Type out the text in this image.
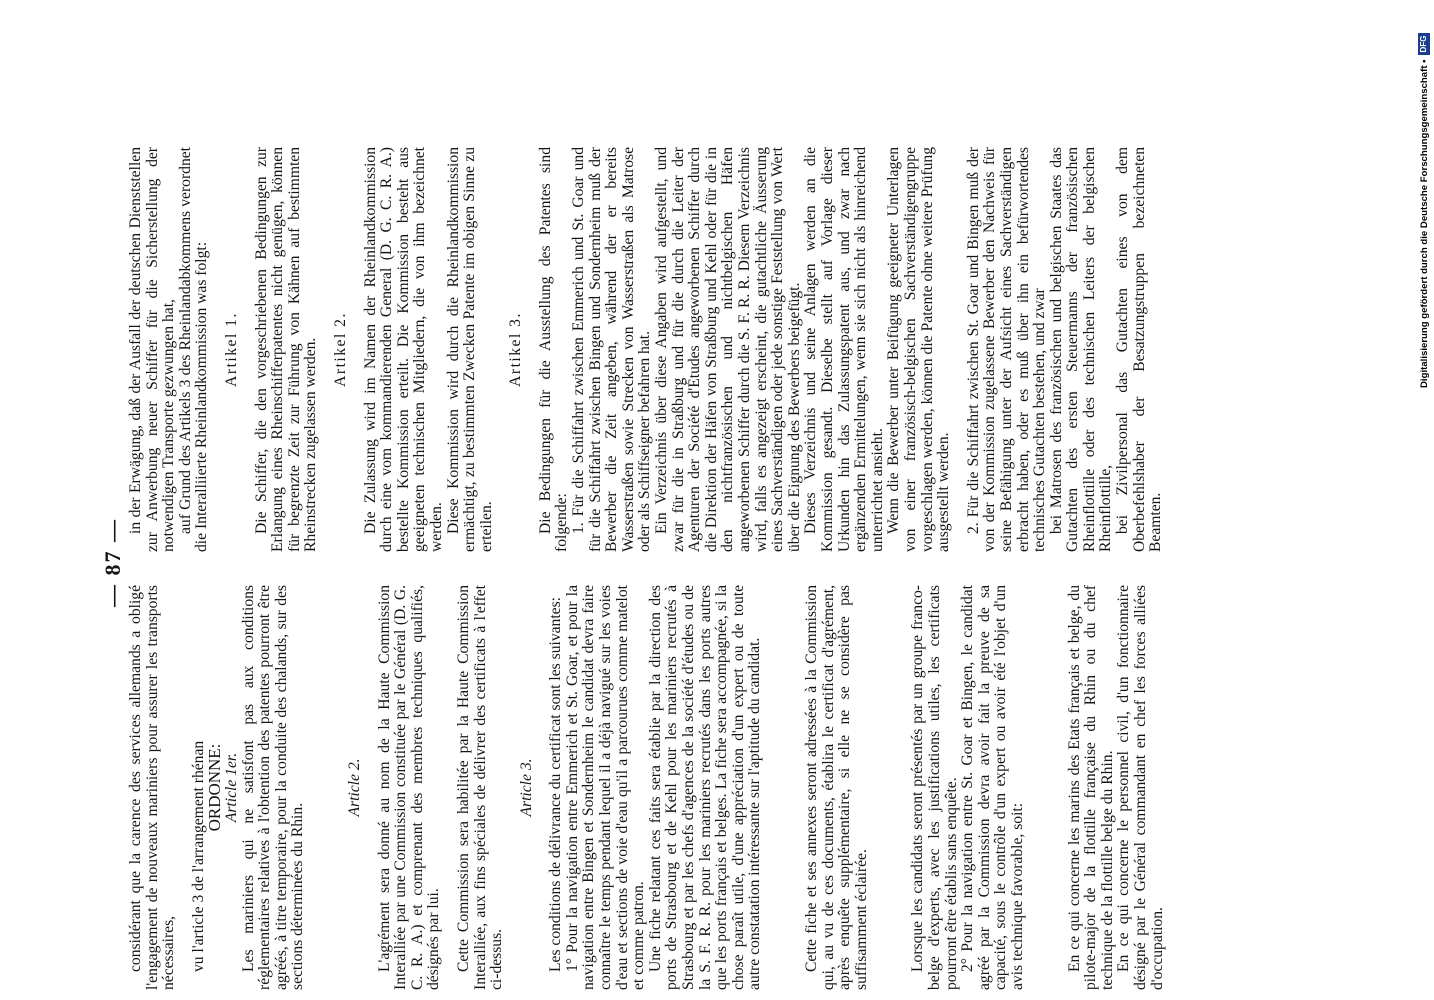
— 87 —

considérant que la carence des services allemands a obligé l'engagement de nouveaux mariniers pour assurer les transports nécessaires, vu l'article 3 de l'arrangement rhénan

ORDONNE:

Article 1er. Les mariniers qui ne satisfont pas aux conditions réglementaires relatives à l'obtention des patentes pourront être agréés, à titre temporaire, pour la conduite des chalands, sur des sections déterminées du Rhin.

Article 2. L'agrément sera donné au nom de la Haute Commission Interalliée par une Commission constituée par le Général (D. G. C. R. A.) et comprenant des membres techniques qualifiés, désignés par lui. Cette Commission sera habilitée par la Haute Commission Interalliée, aux fins spéciales de délivrer des certificats à l'effet ci-dessus.

Article 3. Les conditions de délivrance du certificat sont les suivantes: 1° Pour la navigation entre Emmerich et St. Goar, et pour la navigation entre Bingen et Sondernheim le candidat devra faire connaître le temps pendant lequel il a déjà navigué sur les voies d'eau et sections de voie d'eau qu'il a parcourues comme matelot et comme patron. Une fiche relatant ces faits sera établie par la direction des ports de Strasbourg et de Kehl pour les mariniers recrutés à Strasbourg et par les chefs d'agences de la société d'études ou de la S. F. R. R. pour les mariniers recrutés dans les ports autres que les ports français et belges. La fiche sera accompagnée, si la chose paraît utile, d'une appréciation d'un expert ou de toute autre constatation intéressante sur l'aptitude du candidat.	Cette fiche et ses annexes seront adressées à la Commission qui, au vu de ces documents, établira le certificat d'agrément, après enquête supplémentaire, si elle ne se considère pas suffisamment éclairée.	Lorsque les candidats seront présentés par un groupe franco-belge d'experts, avec les justifications utiles, les certificats pourront être établis sans enquête. 2° Pour la navigation entre St. Goar et Bingen, le candidat agréé par la Commission devra avoir fait la preuve de sa capacité, sous le contrôle d'un expert ou avoir été l'objet d'un avis technique favorable, soit:	En ce qui concerne les marins des Etats français et belge, du pilote-major de la flottille française du Rhin ou du chef technique de la flottille belge du Rhin. En ce qui concerne le personnel civil, d'un fonctionnaire désigné par le Général commandant en chef les forces alliées d'occupation.

in der Erwägung, daß der Ausfall der deutschen Dienststellen zur Anwerbung neuer Schiffer für die Sicherstellung der notwendigen Transporte gezwungen hat, auf Grund des Artikels 3 des Rheinlandabkommens verordnet die Interalliierte Rheinlandkommission was folgt: Artikel 1. Die Schiffer, die den vorgeschriebenen Bedingungen zur Erlangung eines Rheinschifferpatentes nicht genügen, können für begrenzte Zeit zur Führung von Kähnen auf bestimmten Rheinstrecken zugelassen werden. Artikel 2. Die Zulassung wird im Namen der Rheinlandkommission durch eine vom kommandierenden General (D. G. C. R. A.) bestellte Kommission erteilt. Die Kommission besteht aus geeigneten technischen Mitgliedern, die von ihm bezeichnet werden. Diese Kommission wird durch die Rheinlandkommission ermächtigt, zu bestimmten Zwecken Patente im obigen Sinne zu erteilen.

Artikel 3. Die Bedingungen für die Ausstellung des Patentes sind folgende: 1. Für die Schiffahrt zwischen Emmerich und St. Goar und für die Schiffahrt zwischen Bingen und Sondernheim muß der Bewerber die Zeit angeben, während der er bereits Wasserstraßen sowie Strecken von Wasserstraßen als Matrose oder als Schiffseigner befahren hat. Ein Verzeichnis über diese Angaben wird aufgestellt, und zwar für die in Straßburg und für die durch die Leiter der Agenturen der Société d'Études angeworbenen Schiffer durch die Direktion der Häfen von Straßburg und Kehl oder für die in den nichtfranzösischen und nichtbelgischen Häfen angeworbenen Schiffer durch die S. F. R. R. Diesem Verzeichnis wird, falls es angezeigt erscheint, die gutachtliche Äusserung eines Sachverständigen oder jede sonstige Feststellung von Wert über die Eignung des Bewerbers beigefügt. Dieses Verzeichnis und seine Anlagen werden an die Kommission gesandt. Dieselbe stellt auf Vorlage dieser Urkunden hin das Zulassungspatent aus, und zwar nach ergänzenden Ermittelungen, wenn sie sich nicht als hinreichend unterrichtet ansieht. Wenn die Bewerber unter Beifügung geeigneter Unterlagen von einer französisch-belgischen Sachverständigengruppe vorgeschlagen werden, können die Patente ohne weitere Prüfung ausgestellt werden. 2. Für die Schiffahrt zwischen St. Goar und Bingen muß der von der Kommission zugelassene Bewerber den Nachweis für seine Befähigung unter der Aufsicht eines Sachverständigen erbracht haben, oder es muß über ihn ein befürwortendes technisches Gutachten bestehen, und zwar bei Matrosen des französischen und belgischen Staates das Gutachten des ersten Steuermanns der französischen Rheinflottille oder des technischen Leiters der belgischen Rheinflottille, bei Zivilpersonal das Gutachten eines von dem Oberbefehlshaber der Besatzungstruppen bezeichneten Beamten.

Digitalisierung gefördert durch die Deutsche Forschungsgemeinschaft •DFG
